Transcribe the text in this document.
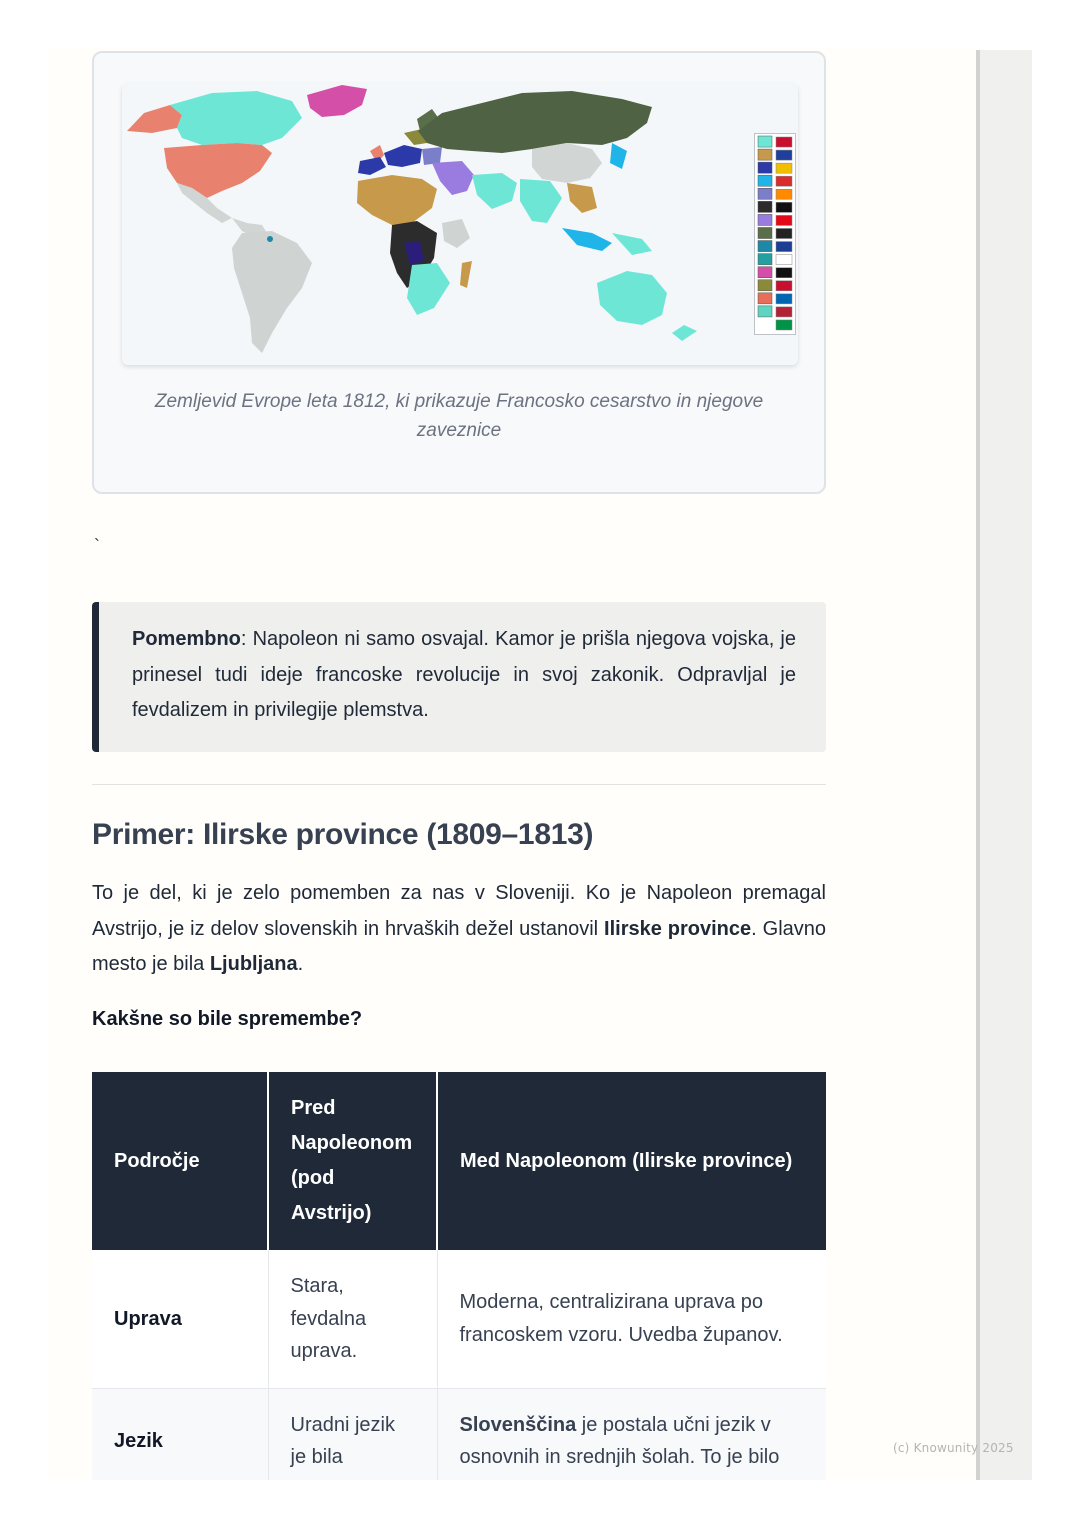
Zemljevid Evrope leta 1812, ki prikazuje Francosko cesarstvo in njegove zaveznice
`

Pomembno: Napoleon ni samo osvajal. Kamor je prišla njegova vojska, je prinesel tudi ideje francoske revolucije in svoj zakonik. Odpravljal je fevdalizem in privilegije plemstva.

Primer: Ilirske province (1809–1813)

To je del, ki je zelo pomemben za nas v Sloveniji. Ko je Napoleon premagal Avstrijo, je iz delov slovenskih in hrvaških dežel ustanovil Ilirske province. Glavno mesto je bila Ljubljana.

Kakšne so bile spremembe?
Področje	Pred Napoleonom (pod Avstrijo)	Med Napoleonom (Ilirske province)
Uprava	Stara, fevdalna uprava.	Moderna, centralizirana uprava po francoskem vzoru. Uvedba županov.
Jezik	Uradni jezik je bila	Slovenščina je postala učni jezik v osnovnih in srednjih šolah. To je bilo	(c) Knowunity 2025
